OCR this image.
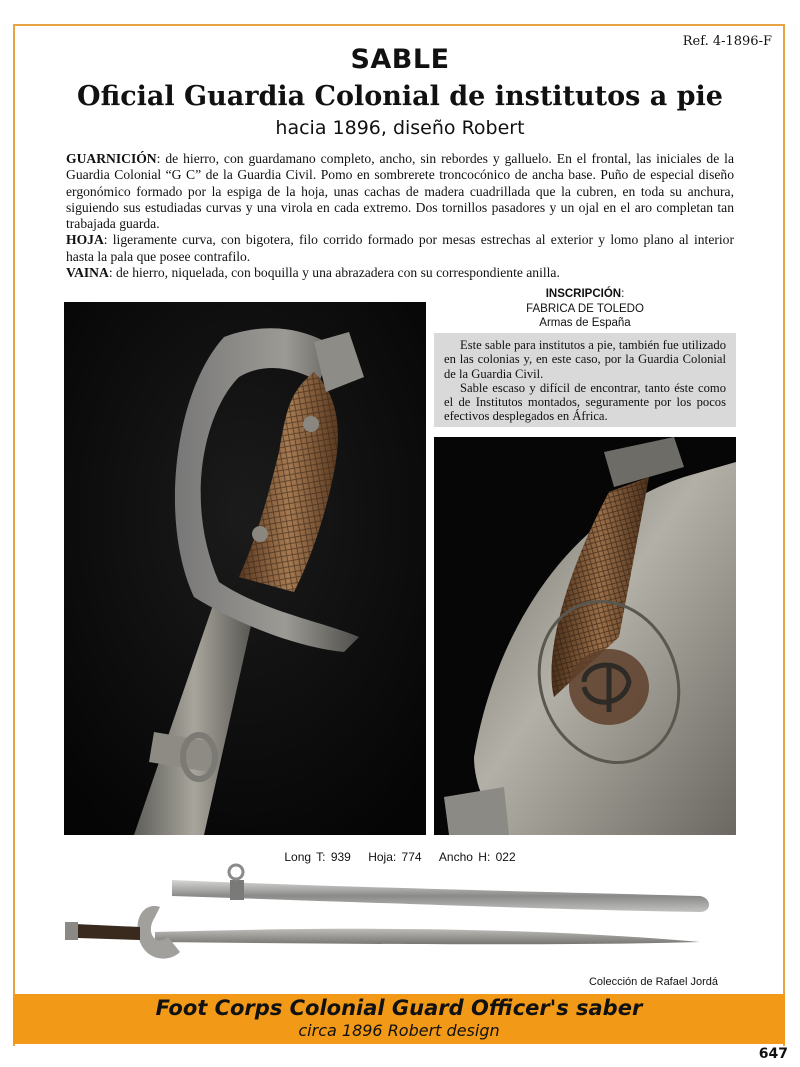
Ref. 4-1896-F
SABLE
Oficial Guardia Colonial de institutos a pie
hacia 1896, diseño Robert

GUARNICIÓN: de hierro, con guardamano completo, ancho, sin rebordes y galluelo. En el frontal, las iniciales de la Guardia Colonial “G C” de la Guardia Civil. Pomo en sombrerete troncocónico de ancha base. Puño de especial diseño ergonómico formado por la espiga de la hoja, unas cachas de madera cuadrillada que la cubren, en toda su anchura, siguiendo sus estudiadas curvas y una virola en cada extremo. Dos tornillos pasadores y un ojal en el aro completan tan trabajada guarda.

HOJA: ligeramente curva, con bigotera, filo corrido formado por mesas estrechas al exterior y lomo plano al interior hasta la pala que posee contrafilo.

VAINA: de hierro, niquelada, con boquilla y una abrazadera con su correspondiente anilla.

INSCRIPCIÓN:
FABRICA DE TOLEDO
Armas de España

Este sable para institutos a pie, también fue utilizado en las colonias y, en este caso, por la Guardia Colonial de la Guardia Civil.

Sable escaso y difícil de encontrar, tanto éste como el de Institutos montados, seguramente por los pocos efectivos desplegados en África.

Long T: 939 Hoja: 774 Ancho H: 022
Colección de Rafael Jordá
Foot Corps Colonial Guard Officer's saber
circa 1896 Robert design
647
